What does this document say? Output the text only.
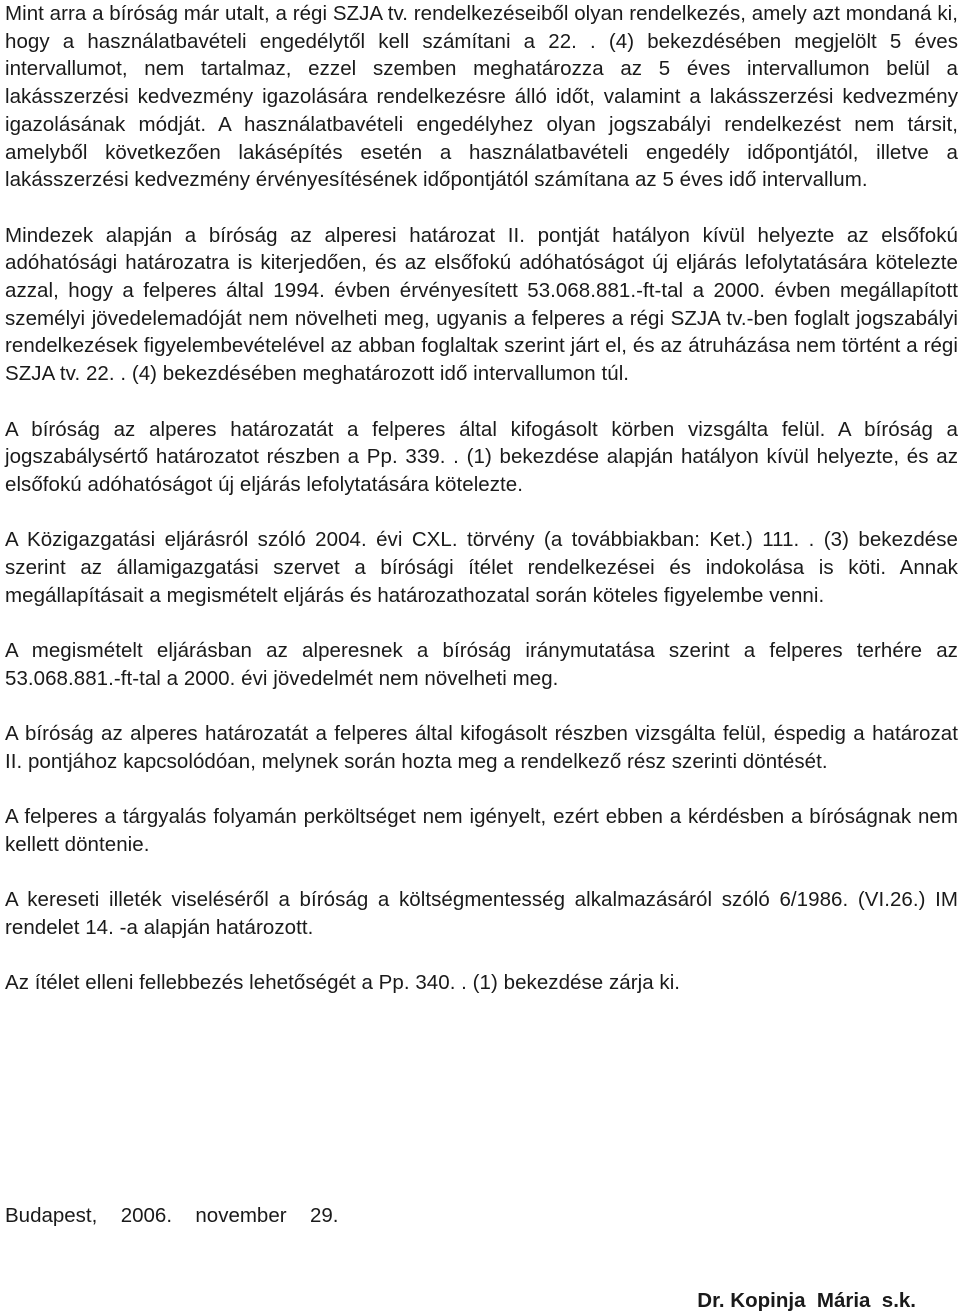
Mint arra a bíróság már utalt, a régi SZJA tv. rendelkezéseiből olyan rendelkezés, amely azt mondaná ki, hogy a használatbavételi engedélytől kell számítani a 22. . (4) bekezdésében megjelölt 5 éves intervallumot, nem tartalmaz, ezzel szemben meghatározza az 5 éves intervallumon belül a lakásszerzési kedvezmény igazolására rendelkezésre álló időt, valamint a lakásszerzési kedvezmény igazolásának módját. A használatbavételi engedélyhez olyan jogszabályi rendelkezést nem társit, amelyből következően lakásépítés esetén a használatbavételi engedély időpontjától, illetve a lakásszerzési kedvezmény érvényesítésének időpontjától számítana az 5 éves idő intervallum.

Mindezek alapján a bíróság az alperesi határozat II. pontját hatályon kívül helyezte az elsőfokú adóhatósági határozatra is kiterjedően, és az elsőfokú adóhatóságot új eljárás lefolytatására kötelezte azzal, hogy a felperes által 1994. évben érvényesített 53.068.881.-ft-tal a 2000. évben megállapított személyi jövedelemadóját nem növelheti meg, ugyanis a felperes a régi SZJA tv.-ben foglalt jogszabályi rendelkezések figyelembevételével az abban foglaltak szerint járt el, és az átruházása nem történt a régi SZJA tv. 22. . (4) bekezdésében meghatározott idő intervallumon túl.

A bíróság az alperes határozatát a felperes által kifogásolt körben vizsgálta felül. A bíróság a jogszabálysértő határozatot részben a Pp. 339. . (1) bekezdése alapján hatályon kívül helyezte, és az elsőfokú adóhatóságot új eljárás lefolytatására kötelezte.

A Közigazgatási eljárásról szóló 2004. évi CXL. törvény (a továbbiakban: Ket.) 111. . (3) bekezdése szerint az államigazgatási szervet a bírósági ítélet rendelkezései és indokolása is köti. Annak megállapításait a megismételt eljárás és határozathozatal során köteles figyelembe venni.

A megismételt eljárásban az alperesnek a bíróság iránymutatása szerint a felperes terhére az 53.068.881.-ft-tal a 2000. évi jövedelmét nem növelheti meg.

A bíróság az alperes határozatát a felperes által kifogásolt részben vizsgálta felül, éspedig a határozat II. pontjához kapcsolódóan, melynek során hozta meg a rendelkező rész szerinti döntését.

A felperes a tárgyalás folyamán perköltséget nem igényelt, ezért ebben a kérdésben a bíróságnak nem kellett döntenie.

A kereseti illeték viseléséről a bíróság a költségmentesség alkalmazásáról szóló 6/1986. (VI.26.) IM rendelet 14. -a alapján határozott.

Az ítélet elleni fellebbezés lehetőségét a Pp. 340. . (1) bekezdése zárja ki.

Budapest,  2006.  november  29.
Dr. Kopinja  Mária  s.k.
